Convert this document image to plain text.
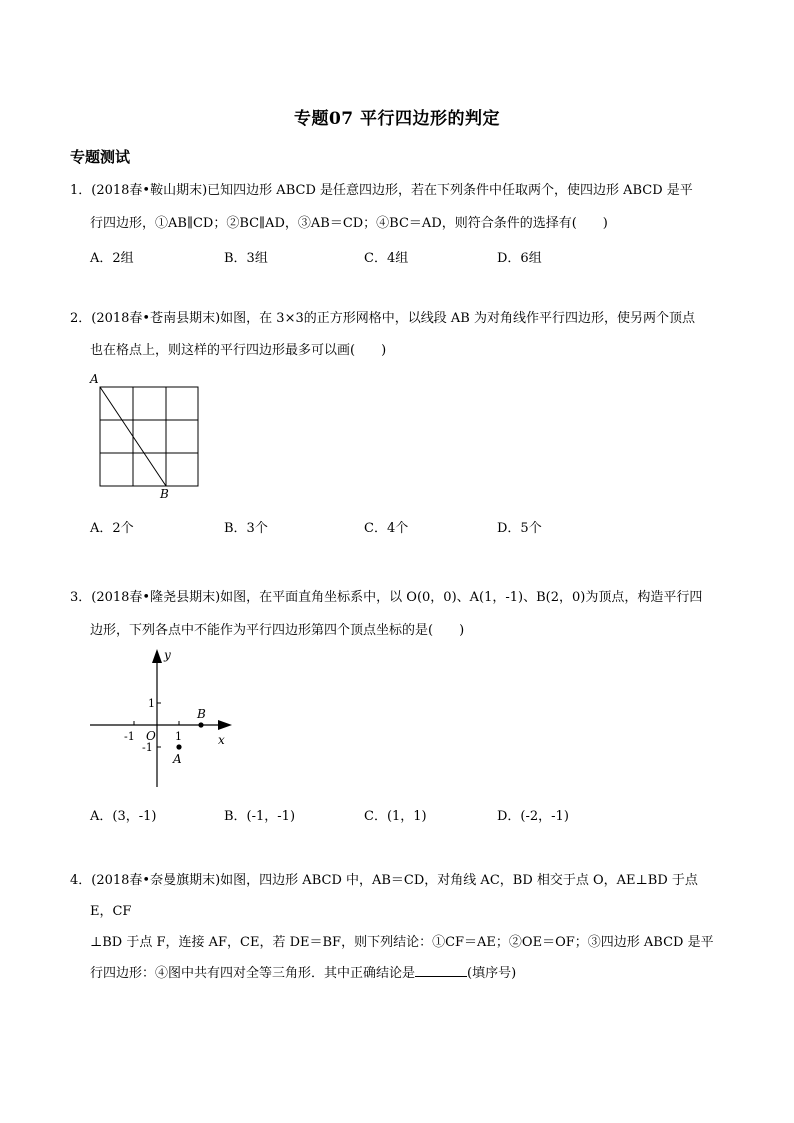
专题07 平行四边形的判定
专题测试
1．(2018春•鞍山期末)已知四边形 ABCD 是任意四边形，若在下列条件中任取两个，使四边形 ABCD 是平
行四边形，①AB∥CD；②BC∥AD，③AB＝CD；④BC＝AD，则符合条件的选择有(　　)
A．2组	B．3组	C．4组	D．6组
2．(2018春•苍南县期末)如图，在 3×3的正方形网格中，以线段 AB 为对角线作平行四边形，使另两个顶点
也在格点上，则这样的平行四边形最多可以画(　　)
A
B
A．2个	B．3个	C．4个	D．5个
3．(2018春•隆尧县期末)如图，在平面直角坐标系中，以 O(0，0)、A(1，-1)、B(2，0)为顶点，构造平行四
边形，下列各点中不能作为平行四边形第四个顶点坐标的是(　　)
y
x
O
-1	1
1
-1
A
B
A．(3，-1)	B．(-1，-1)	C．(1，1)	D．(-2，-1)
4．(2018春•奈曼旗期末)如图，四边形 ABCD 中，AB＝CD，对角线 AC，BD 相交于点 O，AE⊥BD 于点
E，CF
⊥BD 于点 F，连接 AF，CE，若 DE＝BF，则下列结论：①CF＝AE；②OE＝OF；③四边形 ABCD 是平
行四边形：④图中共有四对全等三角形．其中正确结论是	(填序号)
